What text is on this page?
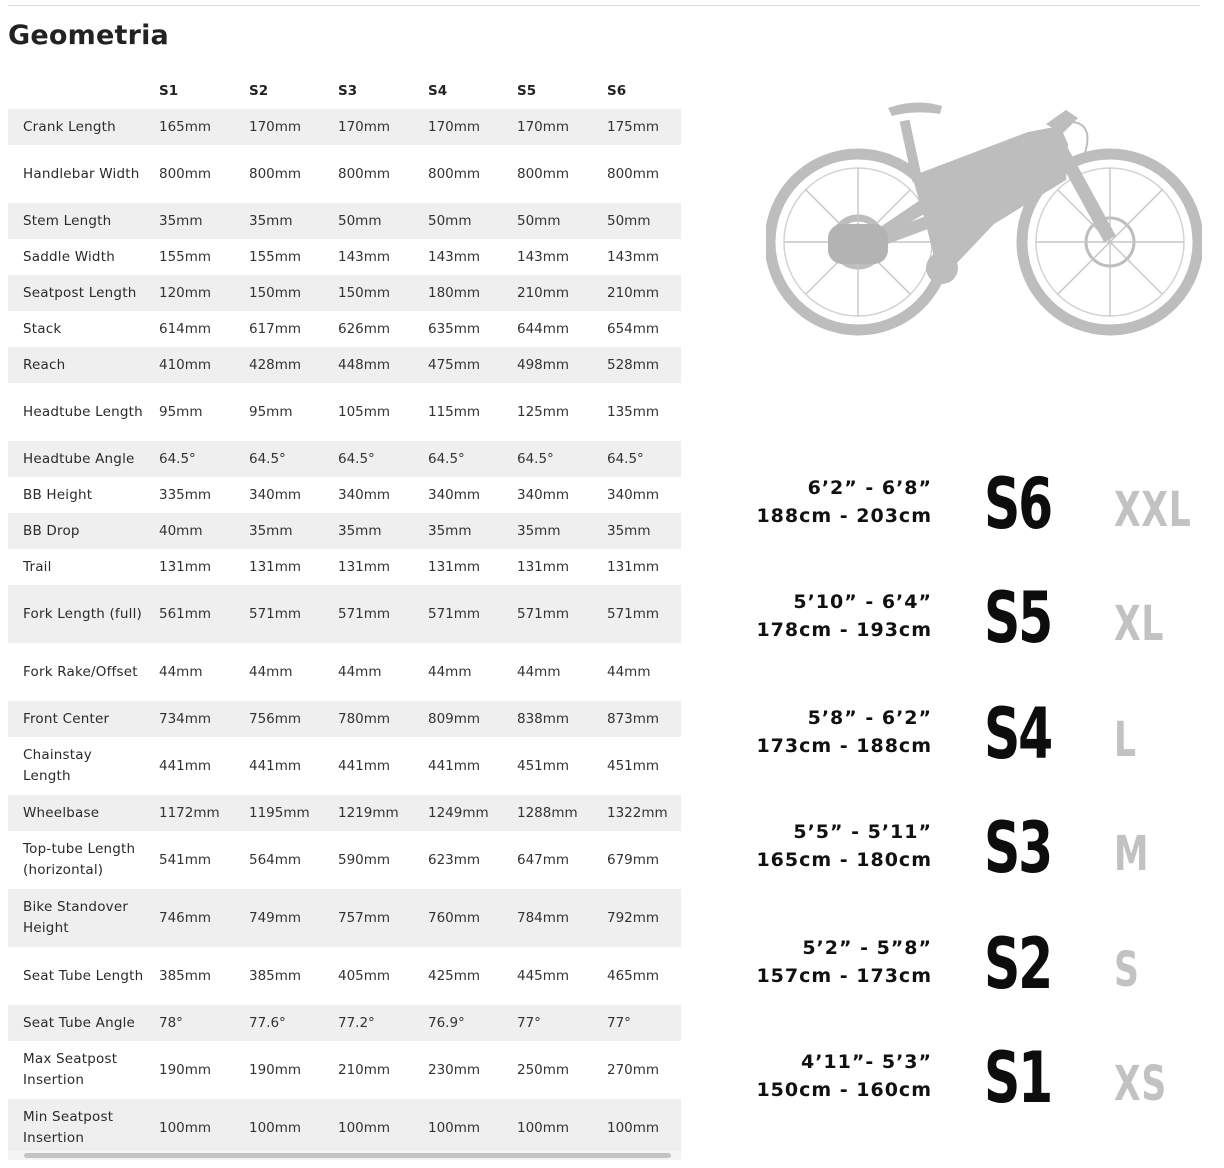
Geometria
	S1	S2	S3	S4	S5	S6
Crank Length	165mm	170mm	170mm	170mm	170mm	175mm
Handlebar Width	800mm	800mm	800mm	800mm	800mm	800mm
Stem Length	35mm	35mm	50mm	50mm	50mm	50mm
Saddle Width	155mm	155mm	143mm	143mm	143mm	143mm
Seatpost Length	120mm	150mm	150mm	180mm	210mm	210mm
Stack	614mm	617mm	626mm	635mm	644mm	654mm
Reach	410mm	428mm	448mm	475mm	498mm	528mm
Headtube Length	95mm	95mm	105mm	115mm	125mm	135mm
Headtube Angle	64.5°	64.5°	64.5°	64.5°	64.5°	64.5°
BB Height	335mm	340mm	340mm	340mm	340mm	340mm
BB Drop	40mm	35mm	35mm	35mm	35mm	35mm
Trail	131mm	131mm	131mm	131mm	131mm	131mm
Fork Length (full)	561mm	571mm	571mm	571mm	571mm	571mm
Fork Rake/Offset	44mm	44mm	44mm	44mm	44mm	44mm
Front Center	734mm	756mm	780mm	809mm	838mm	873mm
Chainstay Length	441mm	441mm	441mm	441mm	451mm	451mm
Wheelbase	1172mm	1195mm	1219mm	1249mm	1288mm	1322mm
Top-tube Length (horizontal)	541mm	564mm	590mm	623mm	647mm	679mm
Bike Standover Height	746mm	749mm	757mm	760mm	784mm	792mm
Seat Tube Length	385mm	385mm	405mm	425mm	445mm	465mm
Seat Tube Angle	78°	77.6°	77.2°	76.9°	77°	77°
Max Seatpost Insertion	190mm	190mm	210mm	230mm	250mm	270mm
Min Seatpost Insertion	100mm	100mm	100mm	100mm	100mm	100mm
6’2” - 6’8”
188cm - 203cm S6 XXL
5’10” - 6’4”
178cm - 193cm S5 XL
5’8” - 6’2”
173cm - 188cm S4 L
5’5” - 5’11”
165cm - 180cm S3 M
5’2” - 5”8”
157cm - 173cm S2 S
4’11”- 5’3”
150cm - 160cm S1 XS
